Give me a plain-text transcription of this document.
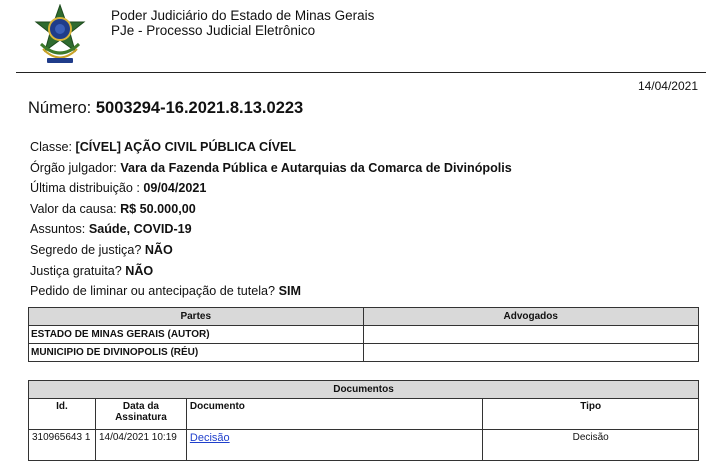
Poder Judiciário do Estado de Minas Gerais
PJe - Processo Judicial Eletrônico
14/04/2021
Número: 5003294-16.2021.8.13.0223
Classe: [CÍVEL] AÇÃO CIVIL PÚBLICA CÍVEL
Órgão julgador: Vara da Fazenda Pública e Autarquias da Comarca de Divinópolis
Última distribuição : 09/04/2021
Valor da causa: R$ 50.000,00
Assuntos: Saúde, COVID-19
Segredo de justiça? NÃO
Justiça gratuita? NÃO
Pedido de liminar ou antecipação de tutela? SIM
Partes	Advogados
ESTADO DE MINAS GERAIS (AUTOR)	
MUNICIPIO DE DIVINOPOLIS (RÉU)	
Documentos			
Id.	Data da Assinatura	Documento	Tipo
310965643 1	14/04/2021 10:19	Decisão	Decisão
